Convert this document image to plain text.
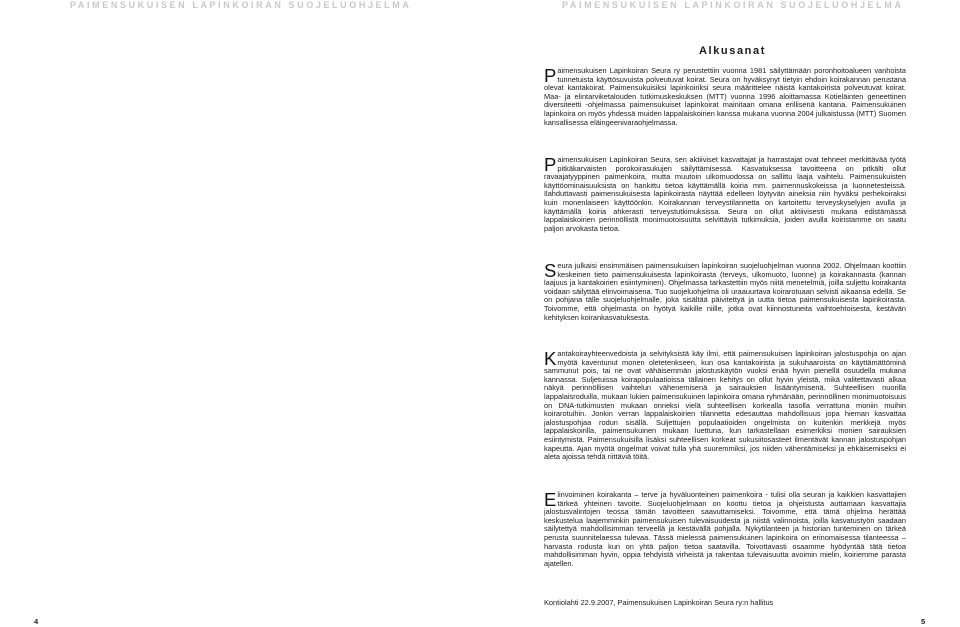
PAIMENSUKUISEN LAPINKOIRAN SUOJELUOHJELMA	PAIMENSUKUISEN LAPINKOIRAN SUOJELUOHJELMA
Alkusanat

Paimensukuisen Lapinkoiran Seura ry perustettiin vuonna 1981 säilyttämään poronhoitoalueen vanhoista tunnetuista käyttösuvuista polveutuvat koirat. Seura on hyväksynyt tietyin ehdoin koirakannan perustana olevat kantakoirat. Paimensukuisiksi lapinkoiriksi seura määrittelee näistä kantakoirista polveutuvat koirat. Maa- ja elintarviketalouden tutkimuskeskuksen (MTT) vuonna 1996 aloittamassa Kotieläinten geneettinen diversiteetti -ohjelmassa paimensukuiset lapinkoirat mainitaan omana erillisenä kantana. Paimensukuinen lapinkoira on myös yhdessä muiden lappalaiskoirien kanssa mukana vuonna 2004 julkaistussa (MTT) Suomen kansallisessa eläingeenivaraohjelmassa.

Paimensukuisen Lapinkoiran Seura, sen aktiiviset kasvattajat ja harrastajat ovat tehneet merkittävää työtä pitkäkarvaisten porokoirasukujen säilyttämisessä. Kasvatuksessa tavoitteena on pitkälti ollut ravaajatyyppinen paimenkoira, mutta muutoin ulkomuodossa on sallittu laaja vaihtelu. Paimensukuisten käyttöominaisuuksista on hankittu tietoa käyttämällä koiria mm. paimennuskokeissa ja luonnetesteissä. Ilahduttavasti paimensukuisesta lapinkoirasta näyttää edelleen löytyvän aineksia niin hyväksi perhekoiraksi kuin monenlaiseen käyttöönkin. Koirakannan terveystilannetta on kartoitettu terveyskyselyjen avulla ja käyttämällä koiria ahkerasti terveystutkimuksissa. Seura on ollut aktiivisesti mukana edistämässä lappalaiskoirien perinnöllistä monimuotoisuutta selvittäviä tutkimuksia, joiden avulla koiristamme on saatu paljon arvokasta tietoa.

Seura julkaisi ensimmäisen paimensukuisen lapinkoiran suojeluohjelman vuonna 2002. Ohjelmaan koottiin keskeinen tieto paimensukuisesta lapinkoirasta (terveys, ulkomuoto, luonne) ja koirakannasta (kannan laajuus ja kantakoirien esiintyminen). Ohjelmassa tarkastettiin myös niitä menetelmiä, joilla suljettu koirakanta voidaan säilyttää elinvoimaisena. Tuo suojeluohjelma oli uraauurtava koirarotuaan selvisti aikaansa edellä. Se on pohjana tälle suojeluohjelmalle, joka sisältää päivitettyä ja uutta tietoa paimensukuisesta lapinkoirasta. Toivomme, että ohjelmasta on hyötyä kaikille niille, jotka ovat kiinnostuneita vaihtoehtoisesta, kestävän kehityksen koirankasvatuksesta.

Kantakoirayhteenvedoista ja selvityksistä käy ilmi, että paimensukuisen lapinkoiran jalostuspohja on ajan myötä kaventunut monen oletetenkseen, kun osa kantakoirista ja sukuhaaroista on käyttämättöminä sammunut pois, tai ne ovat vähäisemmän jalostuskäytön vuoksi enää hyvin pienellä osuudella mukana kannassa. Suljetuissa koirapopulaatioissa tällainen kehitys on ollut hyvin yleistä, mikä valitettavasti alkaa näkyä perinnöllisen vaihtelun vähenemisenä ja sairauksien lisääntymisenä. Suhteellisen nuorilla lappalaisroduilla, mukaan lukien paimensukuinen lapinkoira omana ryhmänään, perinnöllinen monimuotoisuus on DNA-tutkimusten mukaan onneksi vielä suhteellisen korkealla tasolla verrattuna moniin muihin koirarotuihin. Jonkin verran lappalaiskoirien tilannetta edesauttaa mahdollisuus jopa hieman kasvattaa jalostuspohjaa rodun sisällä. Suljettujen populaatioiden ongelmista on kuitenkin merkkejä myös lappalaiskoirilla, paimensukuinen mukaan luettuna, kun tarkastellaan esimerkiksi monien sairauksien esiintymistä. Paimensukuisilla lisäksi suhteellisen korkeat sukusiitosasteet ilmentävät kannan jalostuspohjan kapeutta. Ajan myötä ongelmat voivat tulla yhä suuremmiksi, jos niiden vähentämiseksi ja ehkäisemiseksi ei aleta ajoissa tehdä riittäviä töitä.

Elinvoiminen koirakanta – terve ja hyväluonteinen paimenkoira - tulisi olla seuran ja kaikkien kasvattajien tärkeä yhteinen tavoite. Suojeluohjelmaan on koottu tietoa ja ohjeistusta auttamaan kasvattajia jalostusvalintojen teossa tämän tavoitteen saavuttamiseksi. Toivomme, että tämä ohjelma herättää keskustelua laajemminkin paimensukuisen tulevaisuudesta ja niistä valinnoista, joilla kasvatustyön saadaan säilytettyä mahdollisimman terveellä ja kestävällä pohjalla. Nykytilanteen ja historian tunteminen on tärkeä perusta suunnitelaessa tulevaa. Tässä mielessä paimensukuinen lapinkoira on erinomaisessa tilanteessa – harvasta rodusta kun on yhtä paljon tietoa saatavilla. Toivottavasti osaamme hyödyntää tätä tietoa mahdollisimman hyvin, oppia tehdyistä virheistä ja rakentaa tulevaisuutta avoimin mielin, koiriemme parasta ajatellen.

Kontiolahti 22.9.2007, Paimensukuisen Lapinkoiran Seura ry:n hallitus
4	5
